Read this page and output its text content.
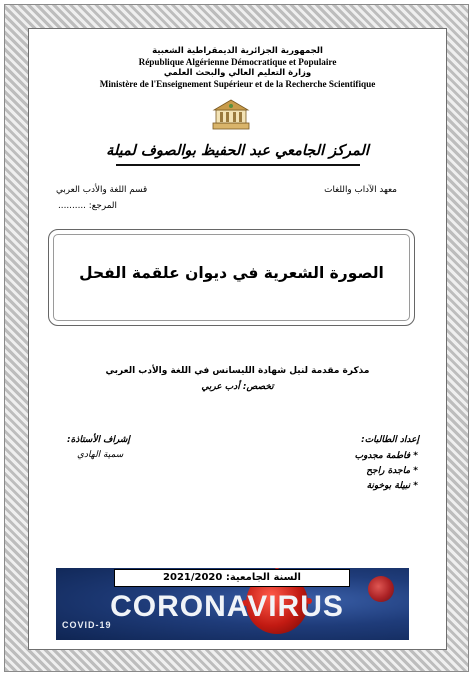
الجمهورية الجزائرية الديمقراطية الشعبية
République Algérienne Démocratique et Populaire
وزارة التعليم العالي والبحث العلمي
Ministère de l'Enseignement Supérieur et de la Recherche Scientifique
المركز الجامعي عبد الحفيظ بوالصوف لميلة
معهد الآداب واللغات
قسم اللغة والأدب العربي
المرجع: ..........
الصورة الشعرية في ديوان علقمة الفحل
مذكرة مقدمة لنيل شهادة الليسانس في اللغة والأدب العربي
تخصص: أدب عربي
إعداد الطالبات:
* فاطمة مجدوب
* ماجدة راجح
* نبيلة بوخونة
إشراف الأستاذة:
سمية الهادي
CORONAVIRUS
COVID-19
السنة الجامعية: 2021/2020
